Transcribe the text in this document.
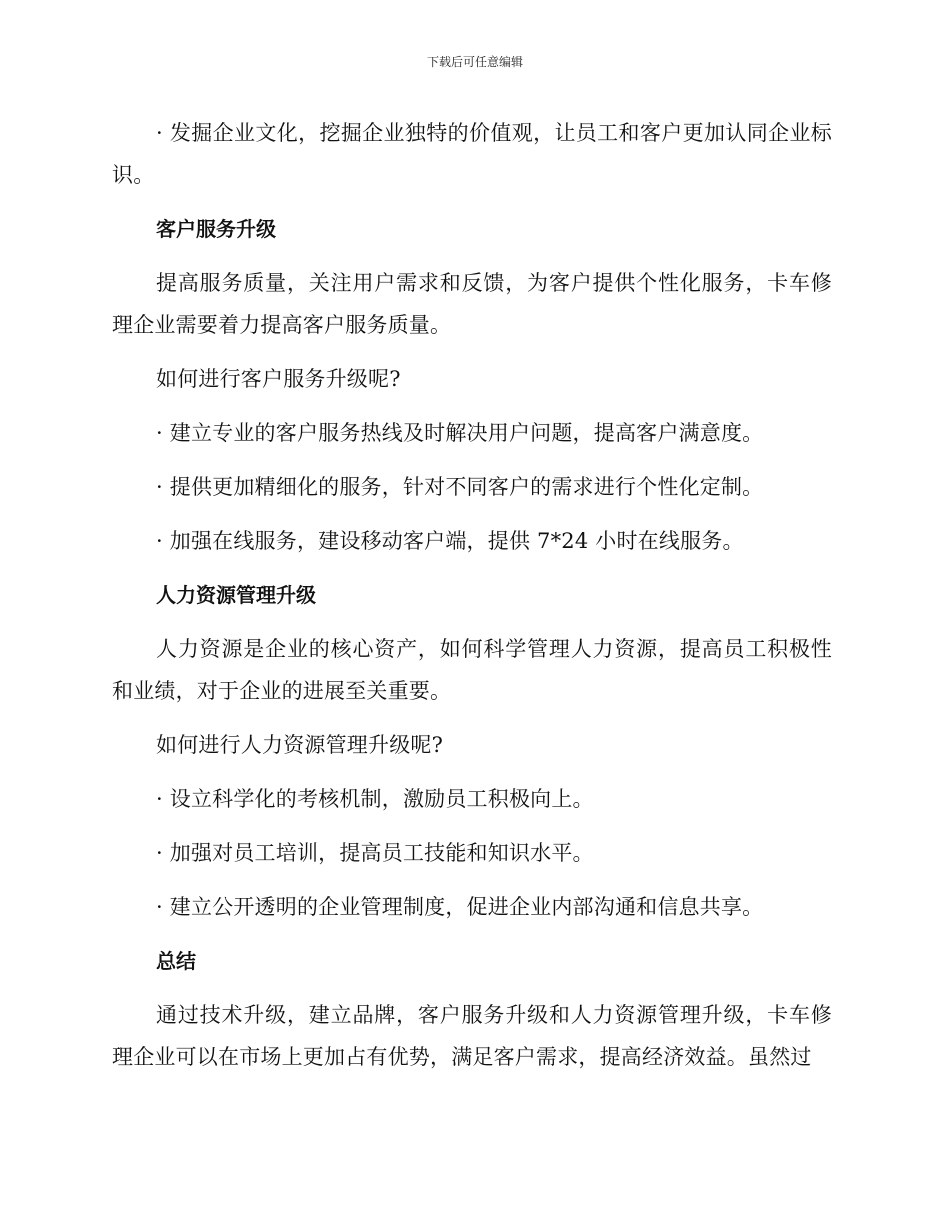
下载后可任意编辑

· 发掘企业文化，挖掘企业独特的价值观，让员工和客户更加认同企业标识。

客户服务升级

提高服务质量，关注用户需求和反馈，为客户提供个性化服务，卡车修理企业需要着力提高客户服务质量。

如何进行客户服务升级呢?

· 建立专业的客户服务热线及时解决用户问题，提高客户满意度。

· 提供更加精细化的服务，针对不同客户的需求进行个性化定制。

· 加强在线服务，建设移动客户端，提供 7*24 小时在线服务。

人力资源管理升级

人力资源是企业的核心资产，如何科学管理人力资源，提高员工积极性和业绩，对于企业的进展至关重要。

如何进行人力资源管理升级呢?

· 设立科学化的考核机制，激励员工积极向上。

· 加强对员工培训，提高员工技能和知识水平。

· 建立公开透明的企业管理制度，促进企业内部沟通和信息共享。

总结

通过技术升级，建立品牌，客户服务升级和人力资源管理升级，卡车修理企业可以在市场上更加占有优势，满足客户需求，提高经济效益。虽然过
